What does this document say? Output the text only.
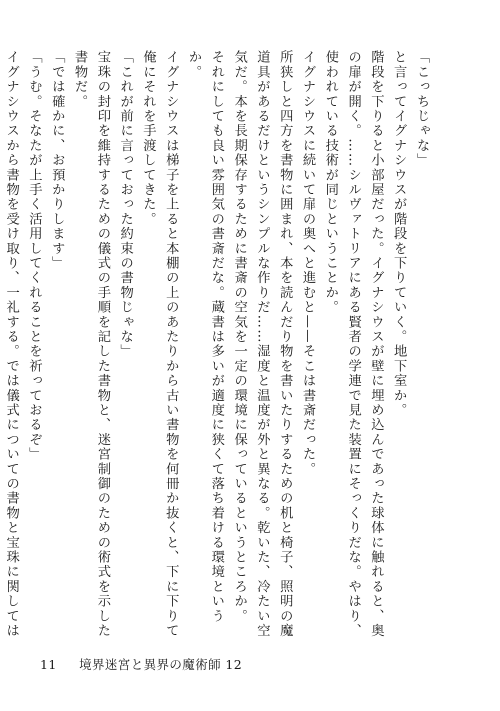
「こっちじゃな」

と言ってイグナシウスが階段を下りていく。地下室か。

階段を下りると小部屋だった。イグナシウスが壁に埋め込んであった球体に触れると、奥の扉が開く。……シルヴァトリアにある賢者の学連で見た装置にそっくりだな。やはり、使われている技術が同じということか。

イグナシウスに続いて扉の奥へと進むと——そこは書斎だった。

所狭しと四方を書物に囲まれ、本を読んだり物を書いたりするための机と椅子、照明の魔道具があるだけというシンプルな作りだ……湿度と温度が外と異なる。乾いた、冷たい空気だ。本を長期保存するために書斎の空気を一定の環境に保っているというところか。

それにしても良い雰囲気の書斎だな。蔵書は多いが適度に狭くて落ち着ける環境というか。

イグナシウスは梯子を上ると本棚の上のあたりから古い書物を何冊か抜くと、下に下りて俺にそれを手渡してきた。

「これが前に言っておった約束の書物じゃな」

宝珠の封印を維持するための儀式の手順を記した書物と、迷宮制御のための術式を示した書物だ。

「では確かに、お預かりします」

「うむ。そなたが上手く活用してくれることを祈っておるぞ」

イグナシウスから書物を受け取り、一礼する。では儀式についての書物と宝珠に関しては

11 境界迷宮と異界の魔術師 12
